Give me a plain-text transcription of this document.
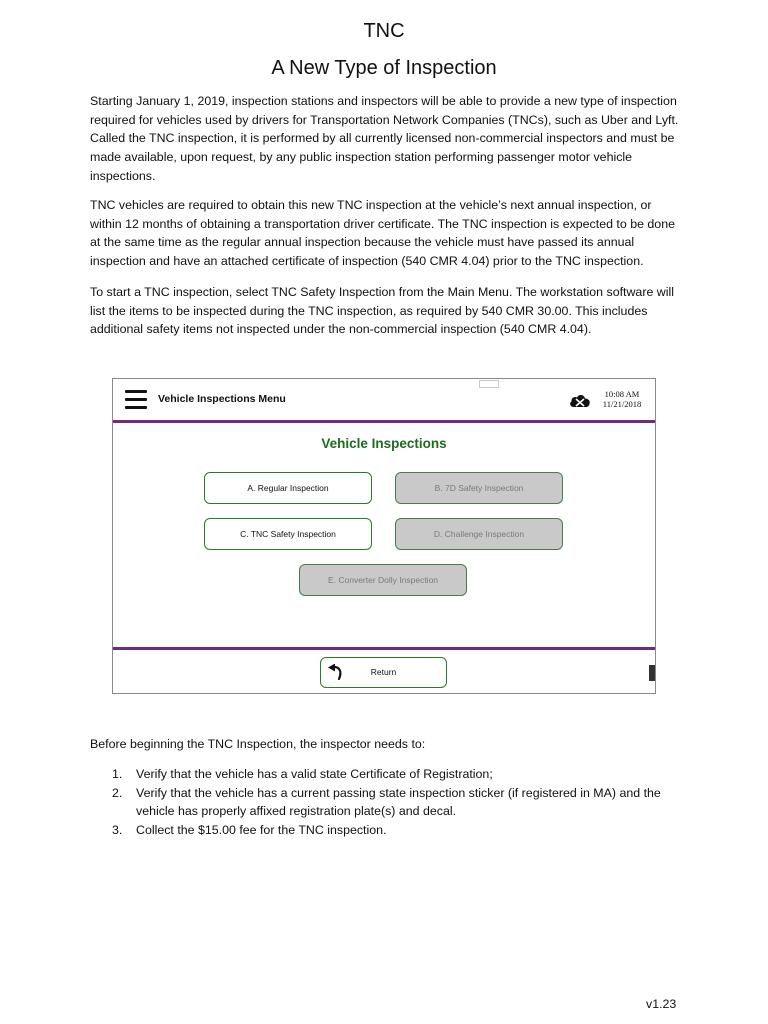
TNC
A New Type of Inspection
Starting January 1, 2019, inspection stations and inspectors will be able to provide a new type of inspection required for vehicles used by drivers for Transportation Network Companies (TNCs), such as Uber and Lyft. Called the TNC inspection, it is performed by all currently licensed non-commercial inspectors and must be made available, upon request, by any public inspection station performing passenger motor vehicle inspections.
TNC vehicles are required to obtain this new TNC inspection at the vehicle’s next annual inspection, or within 12 months of obtaining a transportation driver certificate. The TNC inspection is expected to be done at the same time as the regular annual inspection because the vehicle must have passed its annual inspection and have an attached certificate of inspection (540 CMR 4.04) prior to the TNC inspection.
To start a TNC inspection, select TNC Safety Inspection from the Main Menu. The workstation software will list the items to be inspected during the TNC inspection, as required by 540 CMR 30.00. This includes additional safety items not inspected under the non-commercial inspection (540 CMR 4.04).
Vehicle Inspections Menu	10:08 AM
11/21/2018
Vehicle Inspections
A. Regular Inspection	B. 7D Safety Inspection
C. TNC Safety Inspection	D. Challenge Inspection
E. Converter Dolly Inspection
Return
Before beginning the TNC Inspection, the inspector needs to:
1. Verify that the vehicle has a valid state Certificate of Registration;
2. Verify that the vehicle has a current passing state inspection sticker (if registered in MA) and the vehicle has properly affixed registration plate(s) and decal.
3. Collect the $15.00 fee for the TNC inspection.
v1.23
